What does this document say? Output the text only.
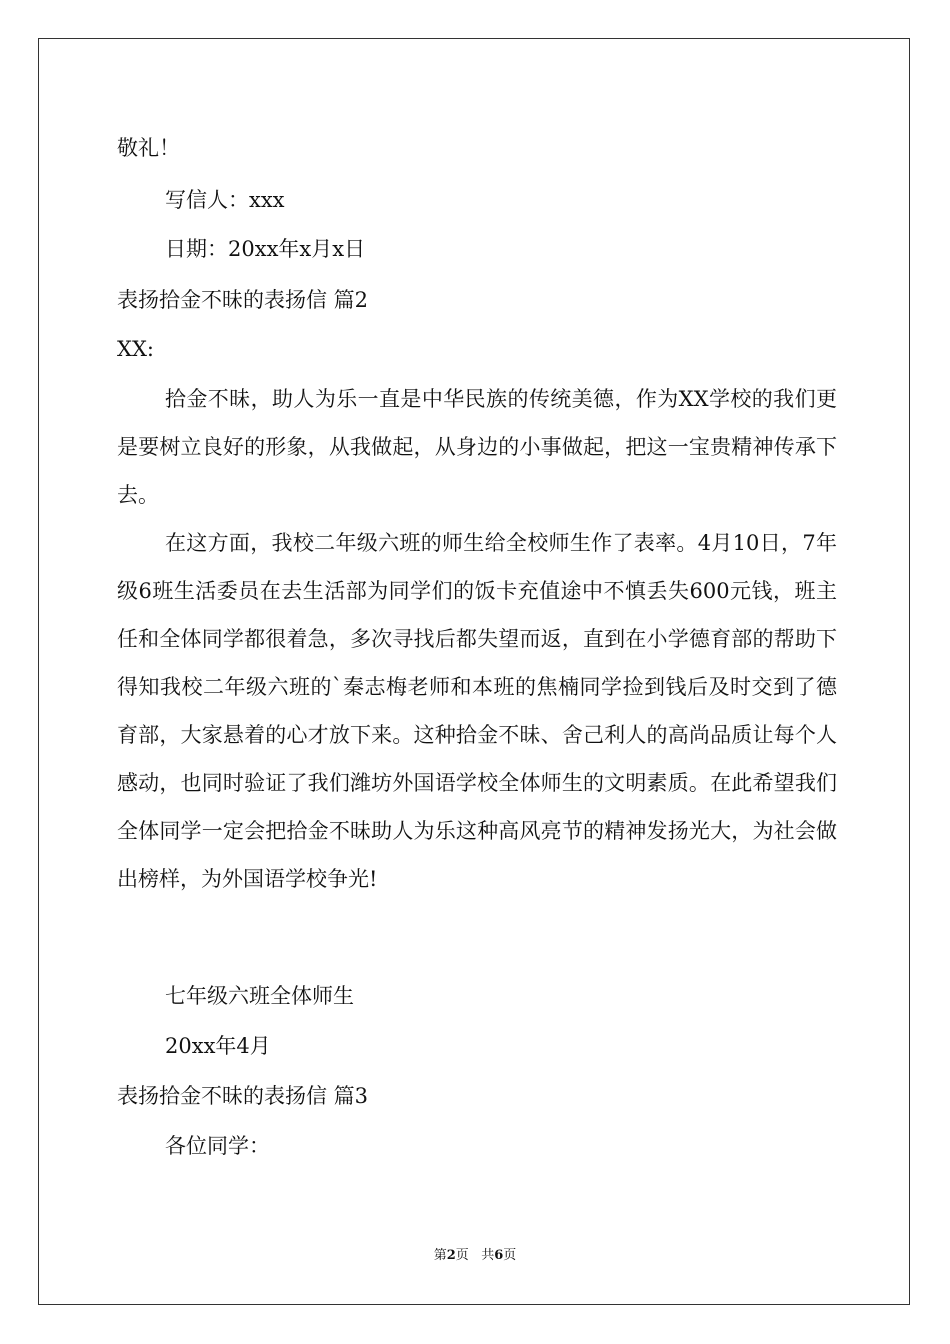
敬礼！

写信人：xxx

日期：20xx年x月x日

表扬拾金不昧的表扬信 篇2

XX:

拾金不昧，助人为乐一直是中华民族的传统美德，作为XX学校的我们更是要树立良好的形象，从我做起，从身边的小事做起，把这一宝贵精神传承下去。

在这方面，我校二年级六班的师生给全校师生作了表率。4月10日，7年级6班生活委员在去生活部为同学们的饭卡充值途中不慎丢失600元钱，班主任和全体同学都很着急，多次寻找后都失望而返，直到在小学德育部的帮助下得知我校二年级六班的`秦志梅老师和本班的焦楠同学捡到钱后及时交到了德育部，大家悬着的心才放下来。这种拾金不昧、舍己利人的高尚品质让每个人感动，也同时验证了我们潍坊外国语学校全体师生的文明素质。在此希望我们全体同学一定会把拾金不昧助人为乐这种高风亮节的精神发扬光大，为社会做出榜样，为外国语学校争光!

七年级六班全体师生

20xx年4月

表扬拾金不昧的表扬信 篇3

各位同学：

第2页   共6页
